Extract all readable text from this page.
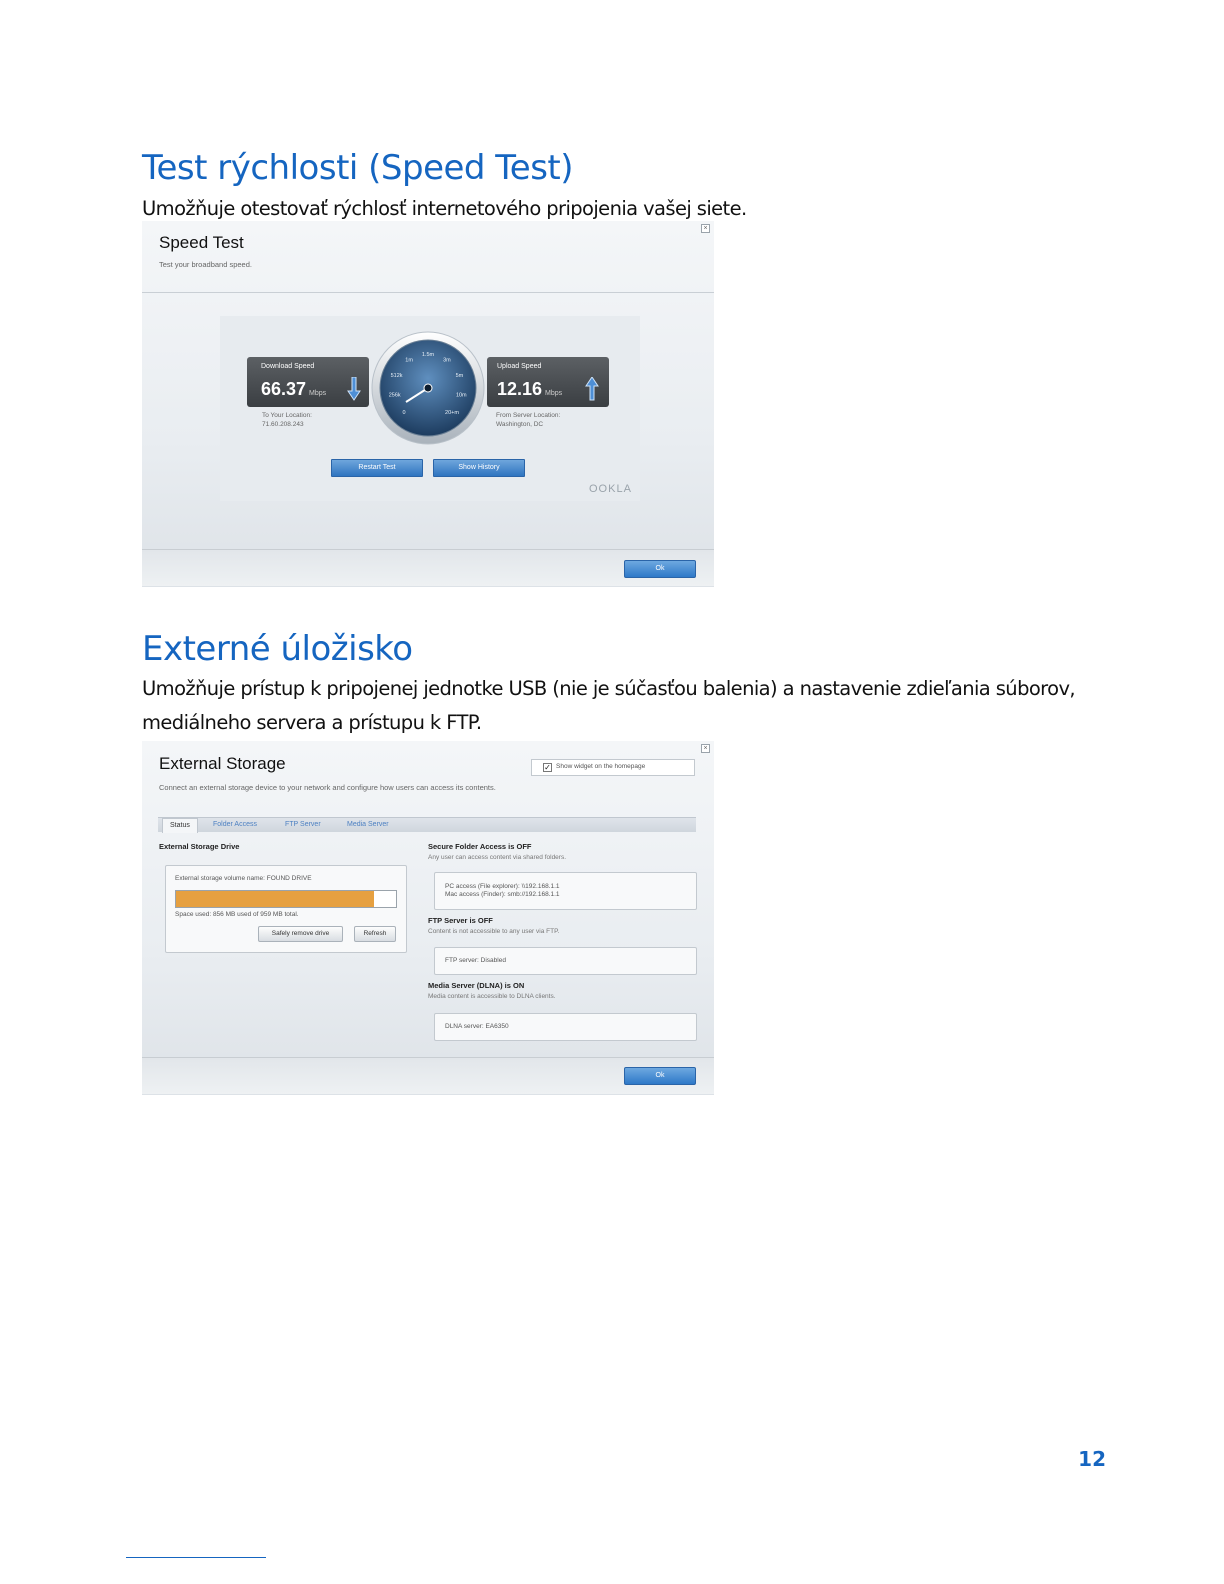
Test rýchlosti (Speed Test)

Umožňuje otestovať rýchlosť internetového pripojenia vašej siete.

×
Speed Test
Test your broadband speed.
Download Speed
66.37 Mbps
To Your Location:
71.60.208.243
Upload Speed
12.16 Mbps
From Server Location:
Washington, DC
0
256k
512k
1m
1.5m
3m
5m
10m
20+m
Restart Test	Show History
OOKLA
Ok
Externé úložisko

Umožňuje prístup k pripojenej jednotke USB (nie je súčasťou balenia) a nastavenie zdieľania súborov, mediálneho servera a prístupu k FTP.

×
External Storage
Connect an external storage device to your network and configure how users can access its contents.
✓ Show widget on the homepage
Status	Folder Access	FTP Server	Media Server
External Storage Drive
External storage volume name: FOUND DRIVE
Space used: 856 MB used of 959 MB total.
Safely remove drive	Refresh
Secure Folder Access is OFF
Any user can access content via shared folders.
PC access (File explorer): \\192.168.1.1
Mac access (Finder): smb://192.168.1.1
FTP Server is OFF
Content is not accessible to any user via FTP.
FTP server: Disabled
Media Server (DLNA) is ON
Media content is accessible to DLNA clients.
DLNA server: EA6350
Ok
12
